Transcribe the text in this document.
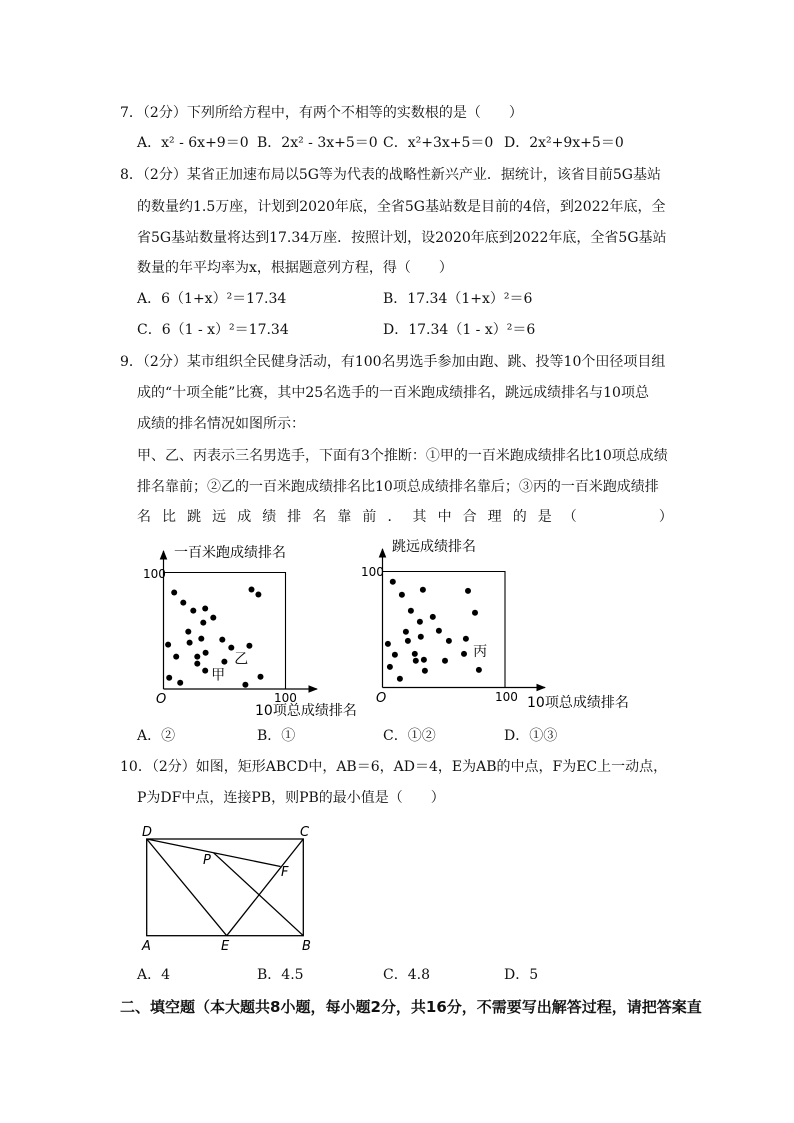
7．（2分）下列所给方程中，有两个不相等的实数根的是（　　）
A．x² - 6x+9＝0 B．2x² - 3x+5＝0 C．x²+3x+5＝0 D．2x²+9x+5＝0
8．（2分）某省正加速布局以5G等为代表的战略性新兴产业．据统计，该省目前5G基站
的数量约1.5万座，计划到2020年底，全省5G基站数是目前的4倍，到2022年底，全
省5G基站数量将达到17.34万座．按照计划，设2020年底到2022年底，全省5G基站
数量的年平均率为x，根据题意列方程，得（　　）
A．6（1+x）²＝17.34	B．17.34（1+x）²＝6
C．6（1 - x）²＝17.34	D．17.34（1 - x）²＝6
9．（2分）某市组织全民健身活动，有100名男选手参加由跑、跳、投等10个田径项目组
成的“十项全能”比赛，其中25名选手的一百米跑成绩排名，跳远成绩排名与10项总
成绩的排名情况如图所示：
甲、乙、丙表示三名男选手，下面有3个推断：①甲的一百米跑成绩排名比10项总成绩
排名靠前；②乙的一百米跑成绩排名比10项总成绩排名靠后；③丙的一百米跑成绩排
名 比 跳 远 成 绩 排 名 靠 前 ． 其 中 合 理 的 是 （	）
一百米跑成绩排名
100
100
O
10项总成绩排名
乙
甲
跳远成绩排名
100
100
O	10项总成绩排名
丙
A．②	B．①	C．①②	D．①③
10．（2分）如图，矩形ABCD中，AB＝6，AD＝4，E为AB的中点，F为EC上一动点，
P为DF中点，连接PB，则PB的最小值是（　　）
D	C
A	E	B
P
F
A．4	B．4.5	C．4.8	D．5
二、填空题（本大题共8小题，每小题2分，共16分，不需要写出解答过程，请把答案直
